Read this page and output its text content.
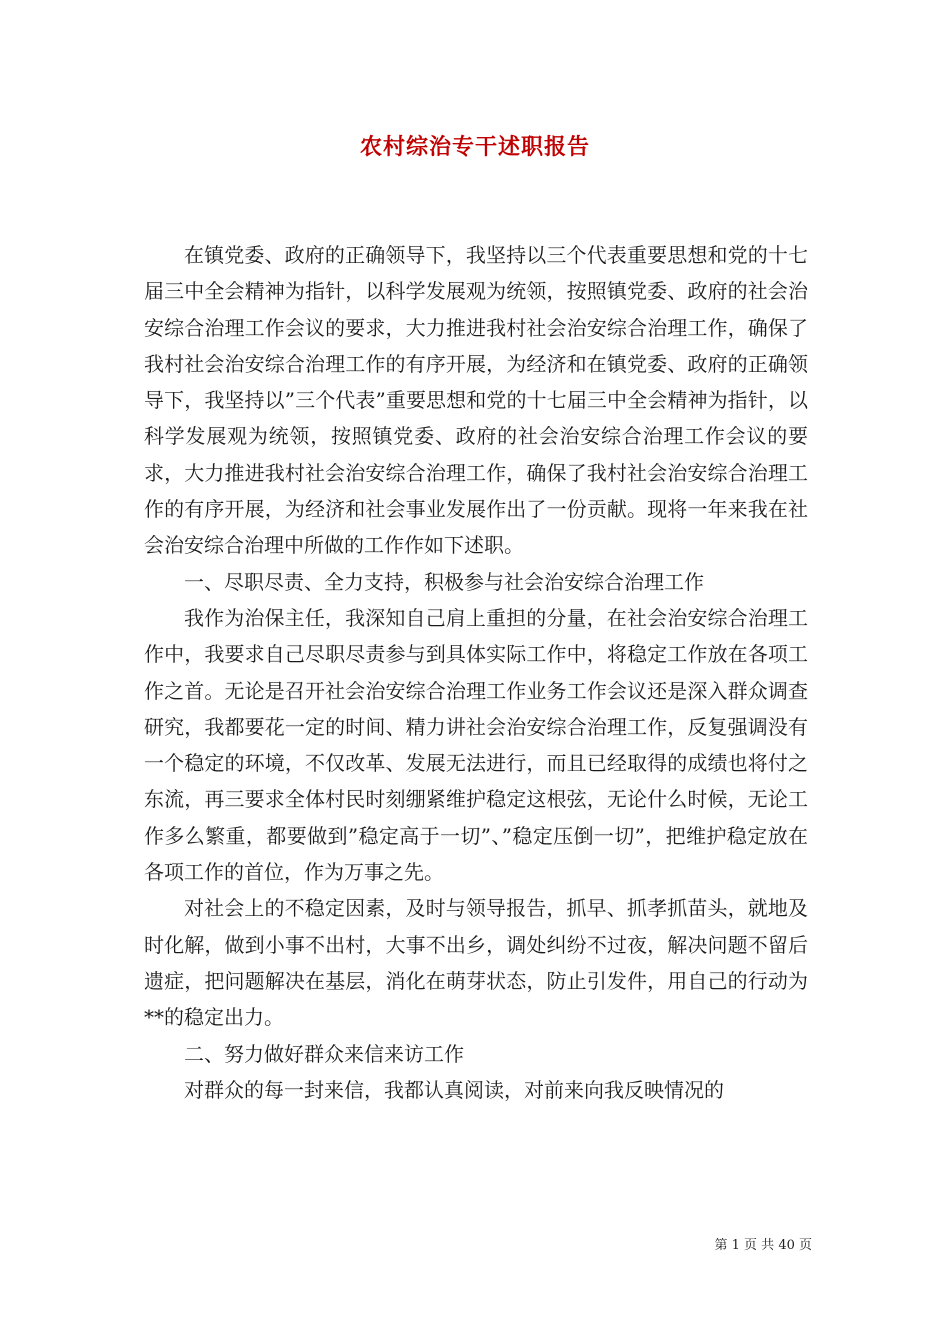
农村综治专干述职报告

在镇党委、政府的正确领导下，我坚持以三个代表重要思想和党的十七届三中全会精神为指针，以科学发展观为统领，按照镇党委、政府的社会治安综合治理工作会议的要求，大力推进我村社会治安综合治理工作，确保了我村社会治安综合治理工作的有序开展，为经济和在镇党委、政府的正确领导下，我坚持以”三个代表”重要思想和党的十七届三中全会精神为指针，以科学发展观为统领，按照镇党委、政府的社会治安综合治理工作会议的要求，大力推进我村社会治安综合治理工作，确保了我村社会治安综合治理工作的有序开展，为经济和社会事业发展作出了一份贡献。现将一年来我在社会治安综合治理中所做的工作作如下述职。

一、尽职尽责、全力支持，积极参与社会治安综合治理工作

我作为治保主任，我深知自己肩上重担的分量，在社会治安综合治理工作中，我要求自己尽职尽责参与到具体实际工作中，将稳定工作放在各项工作之首。无论是召开社会治安综合治理工作业务工作会议还是深入群众调查研究，我都要花一定的时间、精力讲社会治安综合治理工作，反复强调没有一个稳定的环境，不仅改革、发展无法进行，而且已经取得的成绩也将付之东流，再三要求全体村民时刻绷紧维护稳定这根弦，无论什么时候，无论工作多么繁重，都要做到”稳定高于一切”、”稳定压倒一切”，把维护稳定放在各项工作的首位，作为万事之先。

对社会上的不稳定因素，及时与领导报告，抓早、抓孝抓苗头，就地及时化解，做到小事不出村，大事不出乡，调处纠纷不过夜，解决问题不留后遗症，把问题解决在基层，消化在萌芽状态，防止引发件，用自己的行动为**的稳定出力。

二、努力做好群众来信来访工作

对群众的每一封来信，我都认真阅读，对前来向我反映情况的

第 1 页 共 40 页
